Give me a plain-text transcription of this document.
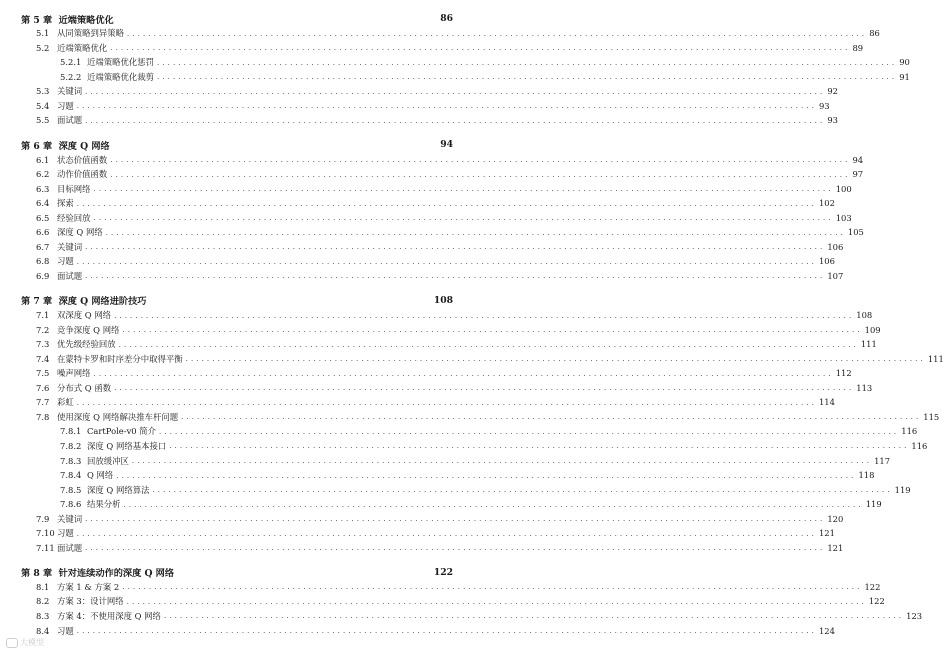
第 5 章 近端策略优化	86
5.1 从同策略到异策略 ........................................................................................................................................... 86
5.2 近端策略优化 ........................................................................................................................................... 89
5.2.1 近端策略优化惩罚 ........................................................................................................................................... 90
5.2.2 近端策略优化裁剪 ........................................................................................................................................... 91
5.3 关键词 ........................................................................................................................................... 92
5.4 习题 ........................................................................................................................................... 93
5.5 面试题 ........................................................................................................................................... 93
第 6 章 深度 Q 网络	94
6.1 状态价值函数 ........................................................................................................................................... 94
6.2 动作价值函数 ........................................................................................................................................... 97
6.3 目标网络 ........................................................................................................................................... 100
6.4 探索 ........................................................................................................................................... 102
6.5 经验回放 ........................................................................................................................................... 103
6.6 深度 Q 网络 ........................................................................................................................................... 105
6.7 关键词 ........................................................................................................................................... 106
6.8 习题 ........................................................................................................................................... 106
6.9 面试题 ........................................................................................................................................... 107
第 7 章 深度 Q 网络进阶技巧	108
7.1 双深度 Q 网络 ........................................................................................................................................... 108
7.2 竞争深度 Q 网络 ........................................................................................................................................... 109
7.3 优先级经验回放 ........................................................................................................................................... 111
7.4 在蒙特卡罗和时序差分中取得平衡 ........................................................................................................................................... 111
7.5 噪声网络 ........................................................................................................................................... 112
7.6 分布式 Q 函数 ........................................................................................................................................... 113
7.7 彩虹 ........................................................................................................................................... 114
7.8 使用深度 Q 网络解决推车杆问题 ........................................................................................................................................... 115
7.8.1 CartPole-v0 简介 ........................................................................................................................................... 116
7.8.2 深度 Q 网络基本接口 ........................................................................................................................................... 116
7.8.3 回放缓冲区 ........................................................................................................................................... 117
7.8.4 Q 网络 ........................................................................................................................................... 118
7.8.5 深度 Q 网络算法 ........................................................................................................................................... 119
7.8.6 结果分析 ........................................................................................................................................... 119
7.9 关键词 ........................................................................................................................................... 120
7.10 习题 ........................................................................................................................................... 121
7.11 面试题 ........................................................................................................................................... 121
第 8 章 针对连续动作的深度 Q 网络	122
8.1 方案 1 & 方案 2 ........................................................................................................................................... 122
8.2 方案 3：设计网络 ........................................................................................................................................... 122
8.3 方案 4：不使用深度 Q 网络 ........................................................................................................................................... 123
8.4 习题 ........................................................................................................................................... 124
大模型
